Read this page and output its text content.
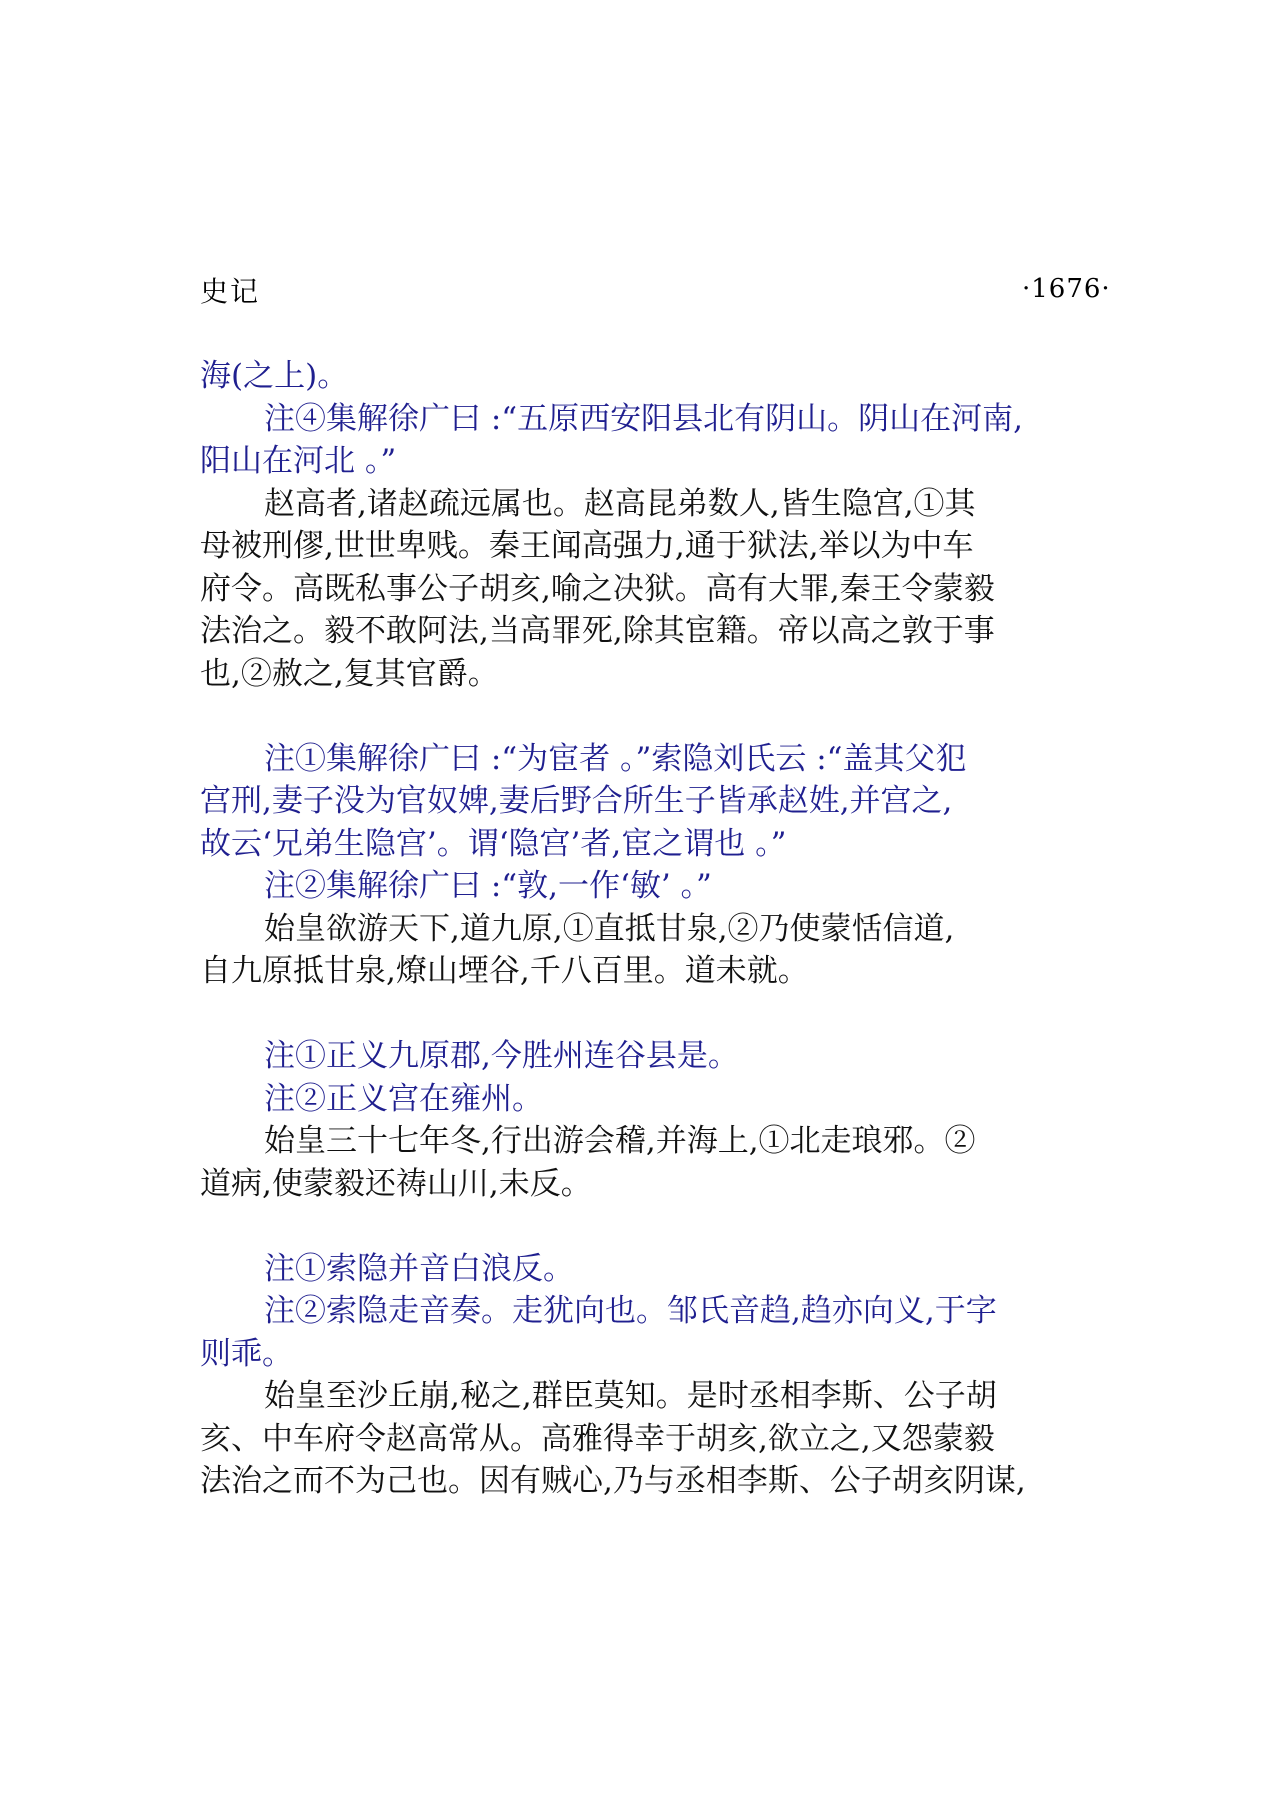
史记	·1676·
海(之上)。
注④集解徐广曰 :“五原西安阳县北有阴山。阴山在河南,
阳山在河北 。”
赵高者,诸赵疏远属也。赵高昆弟数人,皆生隐宫,①其
母被刑僇,世世卑贱。秦王闻高强力,通于狱法,举以为中车
府令。高既私事公子胡亥,喻之决狱。高有大罪,秦王令蒙毅
法治之。毅不敢阿法,当高罪死,除其宦籍。帝以高之敦于事
也,②赦之,复其官爵。
注①集解徐广曰 :“为宦者 。”索隐刘氏云 :“盖其父犯
宫刑,妻子没为官奴婢,妻后野合所生子皆承赵姓,并宫之,
故云‘兄弟生隐宫’。谓‘隐宫’者,宦之谓也 。”
注②集解徐广曰 :“敦,一作‘敏’ 。”
始皇欲游天下,道九原,①直抵甘泉,②乃使蒙恬信道,
自九原抵甘泉,燎山堙谷,千八百里。道未就。
注①正义九原郡,今胜州连谷县是。
注②正义宫在雍州。
始皇三十七年冬,行出游会稽,并海上,①北走琅邪。②
道病,使蒙毅还祷山川,未反。
注①索隐并音白浪反。
注②索隐走音奏。走犹向也。邹氏音趋,趋亦向义,于字
则乖。
始皇至沙丘崩,秘之,群臣莫知。是时丞相李斯、公子胡
亥、中车府令赵高常从。高雅得幸于胡亥,欲立之,又怨蒙毅
法治之而不为己也。因有贼心,乃与丞相李斯、公子胡亥阴谋,
